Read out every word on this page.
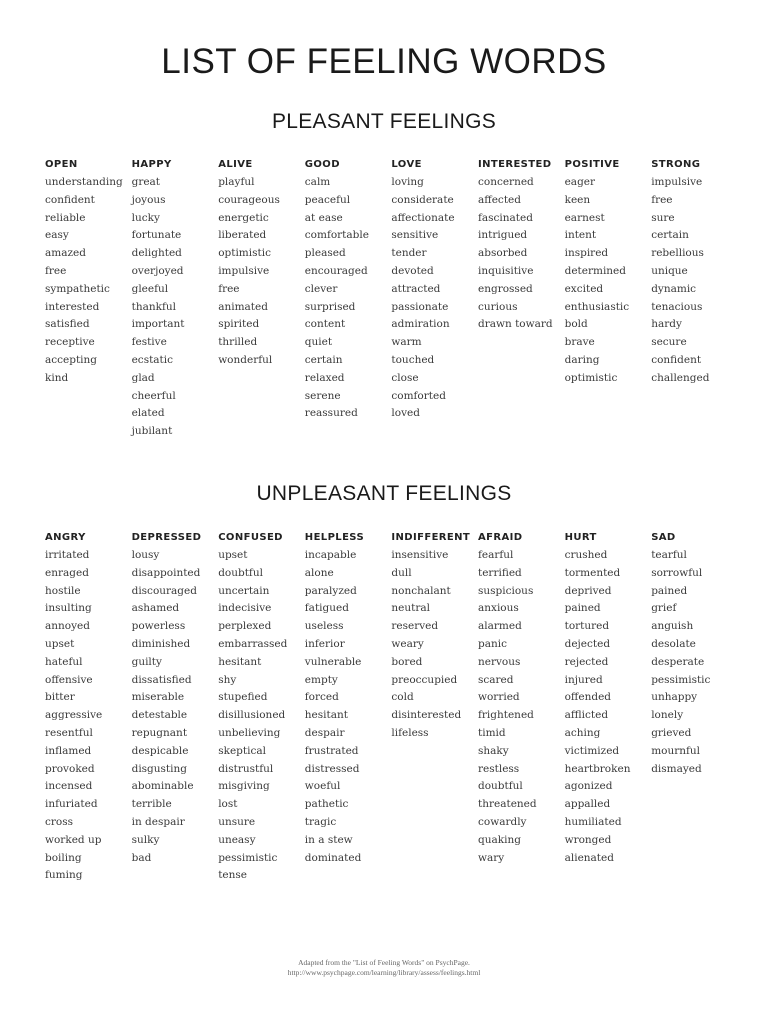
LIST OF FEELING WORDS
PLEASANT FEELINGS
OPEN
understanding
confident
reliable
easy
amazed
free
sympathetic
interested
satisfied
receptive
accepting
kind
HAPPY
great
joyous
lucky
fortunate
delighted
overjoyed
gleeful
thankful
important
festive
ecstatic
glad
cheerful
elated
jubilant
ALIVE
playful
courageous
energetic
liberated
optimistic
impulsive
free
animated
spirited
thrilled
wonderful
GOOD
calm
peaceful
at ease
comfortable
pleased
encouraged
clever
surprised
content
quiet
certain
relaxed
serene
reassured
LOVE
loving
considerate
affectionate
sensitive
tender
devoted
attracted
passionate
admiration
warm
touched
close
comforted
loved
INTERESTED
concerned
affected
fascinated
intrigued
absorbed
inquisitive
engrossed
curious
drawn toward
POSITIVE
eager
keen
earnest
intent
inspired
determined
excited
enthusiastic
bold
brave
daring
optimistic
STRONG
impulsive
free
sure
certain
rebellious
unique
dynamic
tenacious
hardy
secure
confident
challenged
UNPLEASANT FEELINGS
ANGRY
irritated
enraged
hostile
insulting
annoyed
upset
hateful
offensive
bitter
aggressive
resentful
inflamed
provoked
incensed
infuriated
cross
worked up
boiling
fuming
DEPRESSED
lousy
disappointed
discouraged
ashamed
powerless
diminished
guilty
dissatisfied
miserable
detestable
repugnant
despicable
disgusting
abominable
terrible
in despair
sulky
bad
CONFUSED
upset
doubtful
uncertain
indecisive
perplexed
embarrassed
hesitant
shy
stupefied
disillusioned
unbelieving
skeptical
distrustful
misgiving
lost
unsure
uneasy
pessimistic
tense
HELPLESS
incapable
alone
paralyzed
fatigued
useless
inferior
vulnerable
empty
forced
hesitant
despair
frustrated
distressed
woeful
pathetic
tragic
in a stew
dominated
INDIFFERENT
insensitive
dull
nonchalant
neutral
reserved
weary
bored
preoccupied
cold
disinterested
lifeless
AFRAID
fearful
terrified
suspicious
anxious
alarmed
panic
nervous
scared
worried
frightened
timid
shaky
restless
doubtful
threatened
cowardly
quaking
wary
HURT
crushed
tormented
deprived
pained
tortured
dejected
rejected
injured
offended
afflicted
aching
victimized
heartbroken
agonized
appalled
humiliated
wronged
alienated
SAD
tearful
sorrowful
pained
grief
anguish
desolate
desperate
pessimistic
unhappy
lonely
grieved
mournful
dismayed
Adapted from the "List of Feeling Words" on PsychPage.
http://www.psychpage.com/learning/library/assess/feelings.html
